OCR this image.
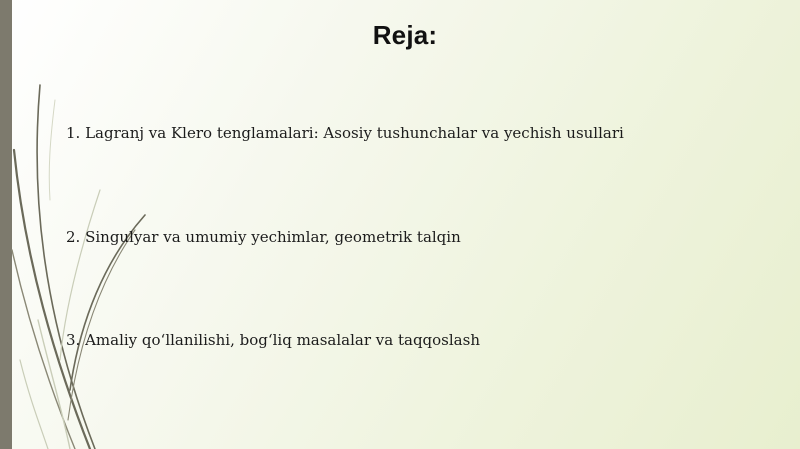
Reja:
1. Lagranj va Klero tenglamalari: Asosiy tushunchalar va yechish usullari
2. Singulyar va umumiy yechimlar, geometrik talqin
3. Amaliy qoʻllanilishi, bogʻliq masalalar va taqqoslash
